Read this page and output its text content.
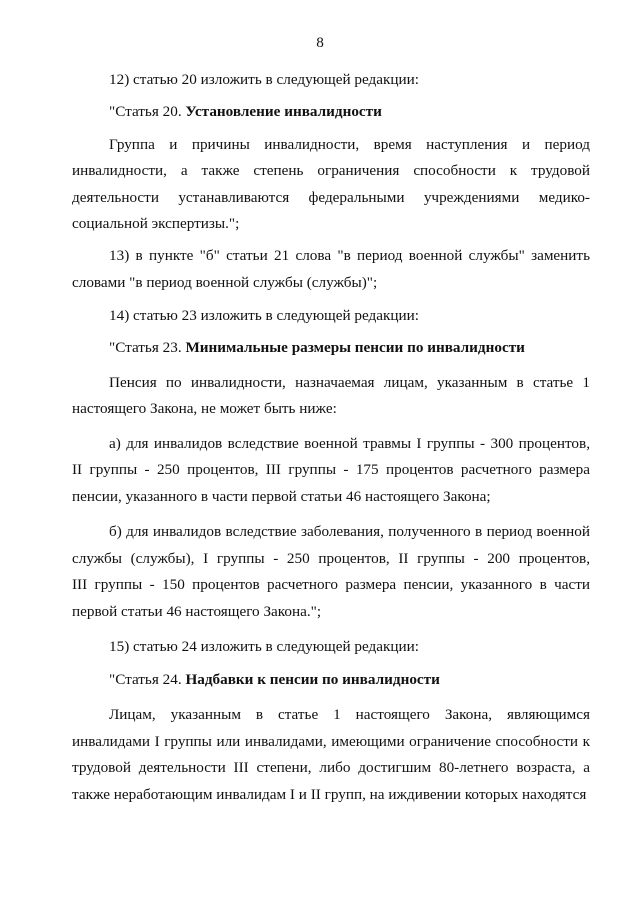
8
12) статью 20 изложить в следующей редакции:
"Статья 20. Установление инвалидности
Группа и причины инвалидности, время наступления и период
инвалидности, а также степень ограничения способности к трудовой
деятельности устанавливаются федеральными учреждениями медико-
социальной экспертизы.";
13) в пункте "б" статьи 21 слова "в период военной службы" заменить
словами "в период военной службы (службы)";
14) статью 23 изложить в следующей редакции:
"Статья 23. Минимальные размеры пенсии по инвалидности
Пенсия по инвалидности, назначаемая лицам, указанным в статье 1
настоящего Закона, не может быть ниже:
а) для инвалидов вследствие военной травмы I группы - 300 процентов,
II группы - 250 процентов, III группы - 175 процентов расчетного размера
пенсии, указанного в части первой статьи 46 настоящего Закона;
б) для инвалидов вследствие заболевания, полученного в период военной
службы (службы), I группы - 250 процентов, II группы - 200 процентов,
III группы - 150 процентов расчетного размера пенсии, указанного в части
первой статьи 46 настоящего Закона.";
15) статью 24 изложить в следующей редакции:
"Статья 24. Надбавки к пенсии по инвалидности
Лицам, указанным в статье 1 настоящего Закона, являющимся
инвалидами I группы или инвалидами, имеющими ограничение способности к
трудовой деятельности III степени, либо достигшим 80-летнего возраста, а
также неработающим инвалидам I и II групп, на иждивении которых находятся
